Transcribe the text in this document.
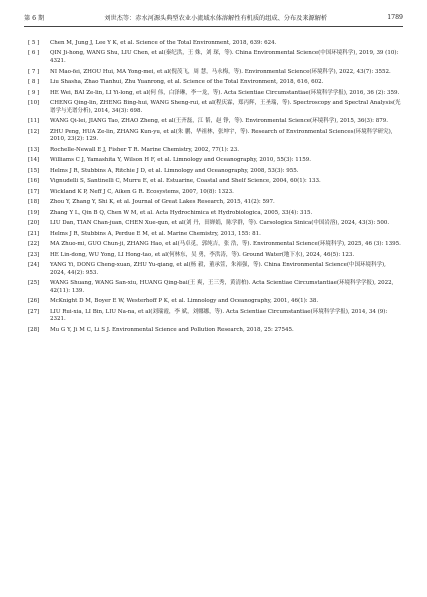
第 6 期	刘世杰等：赤水河源头典型农业小流域水体溶解性有机质的组成、分布及来源解析	1789
[ 5 ]	Chen M, Jung J, Lee Y K, et al. Science of the Total Environment, 2018, 639: 624.
[ 6 ]	QIN Ji-hong, WANG Shu, LIU Chen, et al(秦纪洪，王 姝，刘 琛，等). China Environmental Science(中国环境科学), 2019, 39 (10): 4321.
[ 7 ]	NI Mao-fei, ZHOU Hui, MA Yong-mei, et al(倪茂飞，周 慧，马永梅，等). Environmental Science(环境科学), 2022, 43(7): 3552.
[ 8 ]	Liu Shasha, Zhao Tianhui, Zhu Yuanrong, et al. Science of the Total Environment, 2018, 616, 602.
[ 9 ]	HE Wei, BAI Ze-lin, LI Yi-long, et al(何 伟，白泽琳，李一龙，等). Acta Scientiae Circumstantiae(环境科学学报), 2016, 36 (2): 359.
[10]	CHENG Qing-lin, ZHENG Bing-hui, WANG Sheng-rui, et al(程庆霖，郑丙辉，王圣瑞，等). Spectroscopy and Spectral Analysis(光谱学与光谱分析), 2014, 34(3): 698.
[11]	WANG Qi-lei, JIANG Tao, ZHAO Zheng, et al(王齐磊，江 韬，赵 铮，等). Environmental Science(环境科学), 2015, 36(3): 879.
[12]	ZHU Peng, HUA Ze-lin, ZHANG Kun-yu, et al(朱 鹏，华祖林，张坤宇，等). Research of Environmental Sciences(环境科学研究), 2010, 23(2): 129.
[13]	Rochelle-Newall E J, Fisher T R. Marine Chemistry, 2002, 77(1): 23.
[14]	Williams C J, Yamashita Y, Wilson H F, et al. Limnology and Oceanography, 2010, 55(3): 1159.
[15]	Helms J R, Stubbins A, Ritchie J D, et al. Limnology and Oceanography, 2008, 53(3): 955.
[16]	Vignudelli S, Santinelli C, Murru E, et al. Estuarine, Coastal and Shelf Science, 2004, 60(1): 133.
[17]	Wickland K P, Neff J C, Aiken G R. Ecosystems, 2007, 10(8): 1323.
[18]	Zhou Y, Zhang Y, Shi K, et al. Journal of Great Lakes Research, 2015, 41(2): 597.
[19]	Zhang Y L, Qin B Q, Chen W M, et al. Acta Hydrochimica et Hydrobiologica, 2005, 33(4): 315.
[20]	LIU Dan, TIAN Chan-juan, CHEN Xue-qun, et al(刘 丹，田婵娟，陈学群，等). Carsologica Sinica(中国岩溶), 2024, 43(3): 500.
[21]	Helms J R, Stubbins A, Perdue E M, et al. Marine Chemistry, 2013, 155: 81.
[22]	MA Zhuo-mi, GUO Chun-ji, ZHANG Hao, et al(马卓觅，郭纯吉，张 浩，等). Environmental Science(环境科学), 2025, 46 (3): 1395.
[23]	HE Lin-dong, WU Yong, LI Hong-tao, et al(何林东，吴 勇，李洪涛，等). Ground Water(地下水), 2024, 46(5): 123.
[24]	YANG Yi, DONG Cheng-xuan, ZHU Yu-qiang, et al(杨 毅，董承萱，朱裕强，等). China Environmental Science(中国环境科学), 2024, 44(2): 953.
[25]	WANG Shuang, WANG San-xiu, HUANG Qing-bai(王 爽，王三秀，黄清柏). Acta Scientiae Circumstantiae(环境科学学报), 2022, 42(11): 139.
[26]	McKnight D M, Boyer E W, Westerhoff P K, et al. Limnology and Oceanography, 2001, 46(1): 38.
[27]	LIU Rui-xia, LI Bin, LIU Na-na, et al(刘瑞霞，李 斌，刘娜娜，等). Acta Scientiae Circumstantiae(环境科学学报), 2014, 34 (9): 2321.
[28]	Mu G Y, Ji M C, Li S J. Environmental Science and Pollution Research, 2018, 25: 27545.
